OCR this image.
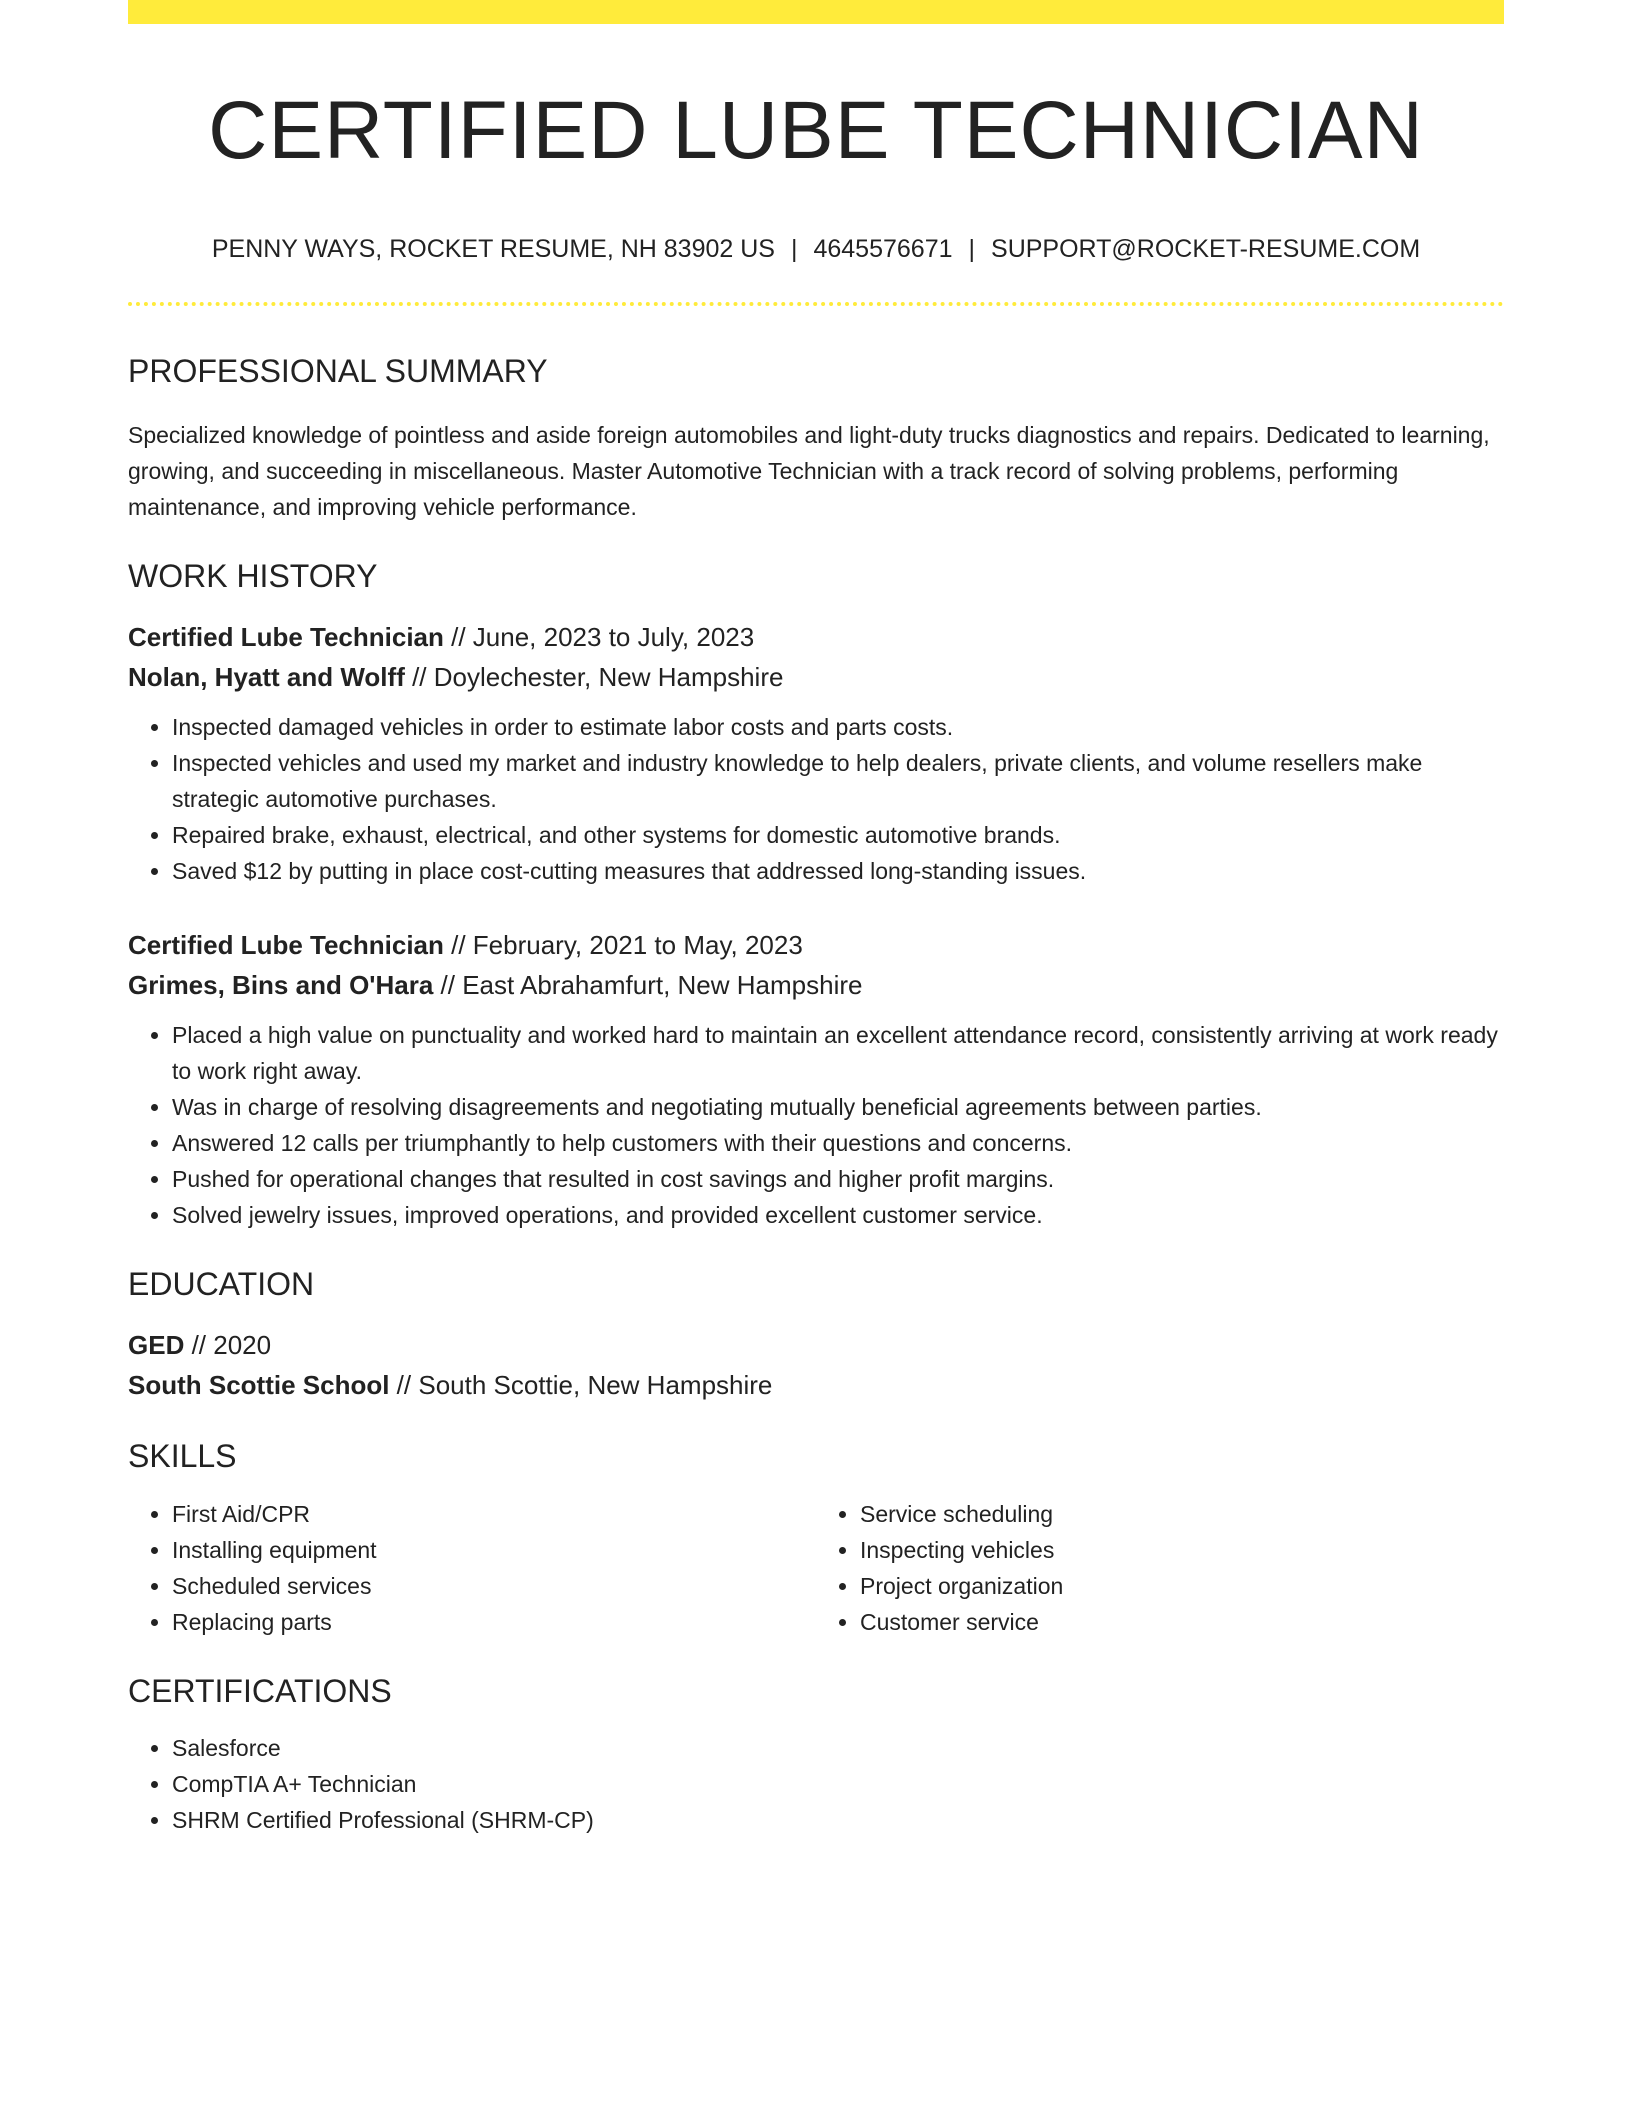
CERTIFIED LUBE TECHNICIAN
PENNY WAYS, ROCKET RESUME, NH 83902 US | 4645576671 | SUPPORT@ROCKET-RESUME.COM
PROFESSIONAL SUMMARY

Specialized knowledge of pointless and aside foreign automobiles and light-duty trucks diagnostics and repairs. Dedicated to learning, growing, and succeeding in miscellaneous. Master Automotive Technician with a track record of solving problems, performing maintenance, and improving vehicle performance.

WORK HISTORY
Certified Lube Technician // June, 2023 to July, 2023
Nolan, Hyatt and Wolff // Doylechester, New Hampshire
• Inspected damaged vehicles in order to estimate labor costs and parts costs.
• Inspected vehicles and used my market and industry knowledge to help dealers, private clients, and volume resellers make strategic automotive purchases.
• Repaired brake, exhaust, electrical, and other systems for domestic automotive brands.
• Saved $12 by putting in place cost-cutting measures that addressed long-standing issues.
Certified Lube Technician // February, 2021 to May, 2023
Grimes, Bins and O'Hara // East Abrahamfurt, New Hampshire
• Placed a high value on punctuality and worked hard to maintain an excellent attendance record, consistently arriving at work ready to work right away.
• Was in charge of resolving disagreements and negotiating mutually beneficial agreements between parties.
• Answered 12 calls per triumphantly to help customers with their questions and concerns.
• Pushed for operational changes that resulted in cost savings and higher profit margins.
• Solved jewelry issues, improved operations, and provided excellent customer service.
EDUCATION
GED // 2020
South Scottie School // South Scottie, New Hampshire
SKILLS
• First Aid/CPR
• Installing equipment
• Scheduled services
• Replacing parts
• Service scheduling
• Inspecting vehicles
• Project organization
• Customer service
CERTIFICATIONS
• Salesforce
• CompTIA A+ Technician
• SHRM Certified Professional (SHRM-CP)
